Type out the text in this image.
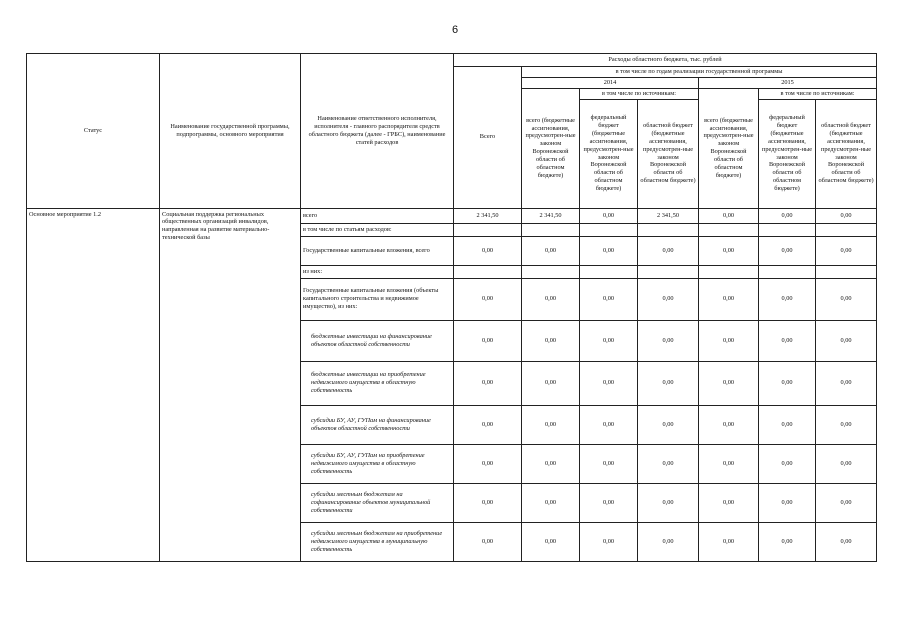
6
Статус	Наименование государственной программы, подпрограммы, основного мероприятия	Наименование ответственного исполнителя, исполнителя - главного распорядителя средств областного бюджета (далее - ГРБС), наименование статей расходов	Расходы областного бюджета, тыс. рублей						
			Всего	в том числе по годам реализации государственной программы					
				2014			2015		
				всего (бюджетные ассигнования, предусмотрен-ные законом Воронежской области об областном бюджете)	в том числе по источникам:		всего (бюджетные ассигнования, предусмотрен-ные законом Воронежской области об областном бюджете)	в том числе по источникам:	
					федеральный бюджет (бюджетные ассигнования, предусмотрен-ные законом Воронежской области об областном бюджете)	областной бюджет (бюджетные ассигнования, предусмотрен-ные законом Воронежской области об областном бюджете)		федеральный бюджет (бюджетные ассигнования, предусмотрен-ные законом Воронежской области об областном бюджете)	областной бюджет (бюджетные ассигнования, предусмотрен-ные законом Воронежской области об областном бюджете)
Основное мероприятие 1.2	Социальная поддержка региональных общественных организаций инвалидов, направленная на развитие материально-технической базы	всего	2 341,50	2 341,50	0,00	2 341,50	0,00	0,00	0,00
		в том числе по статьям расходов:							
		Государственные капитальные вложения, всего	0,00	0,00	0,00	0,00	0,00	0,00	0,00
		из них:							
		Государственные капитальные вложения (объекты капитального строительства и недвижимое имущество), из них:	0,00	0,00	0,00	0,00	0,00	0,00	0,00
		бюджетные инвестиции на финансирование объектов областной собственности	0,00	0,00	0,00	0,00	0,00	0,00	0,00
		бюджетные инвестиции на приобретение недвижимого имущества в областную собственность	0,00	0,00	0,00	0,00	0,00	0,00	0,00
		субсидии БУ, АУ, ГУПам на финансирование объектов областной собственности	0,00	0,00	0,00	0,00	0,00	0,00	0,00
		субсидии БУ, АУ, ГУПам на приобретение недвижимого имущества в областную собственность	0,00	0,00	0,00	0,00	0,00	0,00	0,00
		субсидии местным бюджетам на софинансирование объектов муниципальной собственности	0,00	0,00	0,00	0,00	0,00	0,00	0,00
		субсидии местным бюджетам на приобретение недвижимого имущества в муниципальную собственность	0,00	0,00	0,00	0,00	0,00	0,00	0,00
